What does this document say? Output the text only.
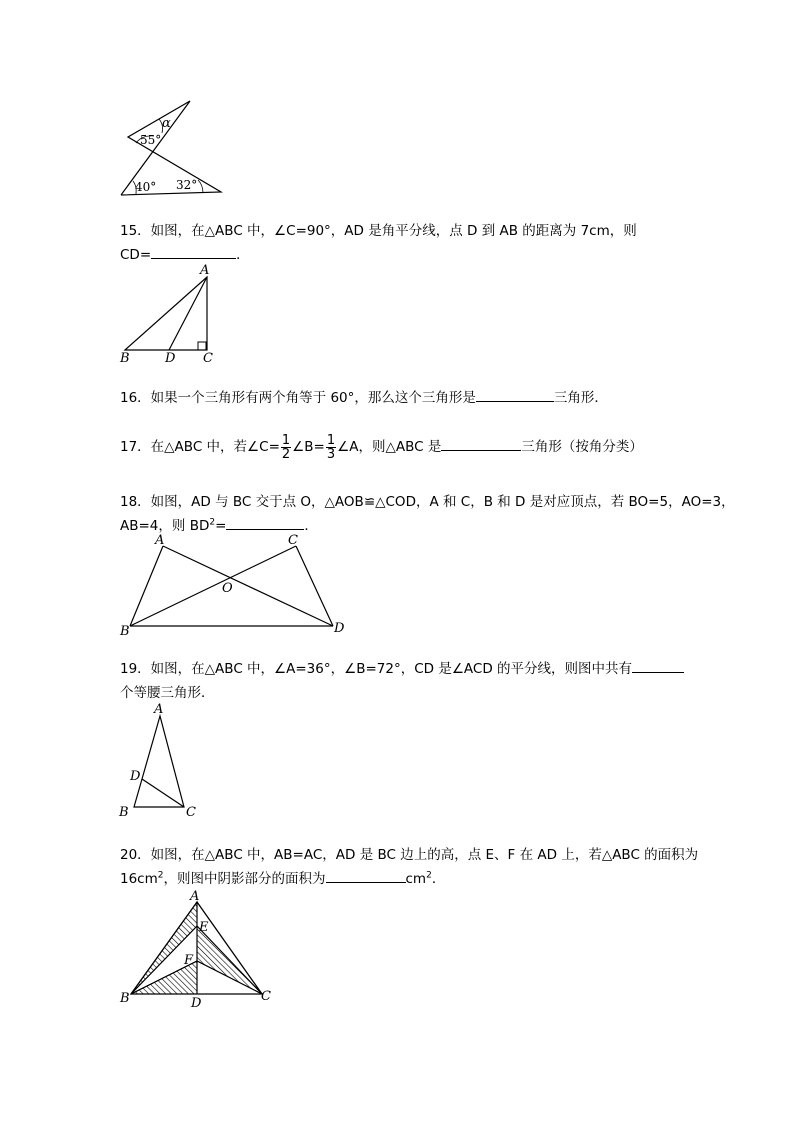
α
55°
40° 32°
15．如图，在△ABC 中，∠C=90°，AD 是角平分线，点 D 到 AB 的距离为 7cm，则
CD=	．
A
B	D C
16．如果一个三角形有两个角等于 60°，那么这个三角形是	三角形．
17．在△ABC 中，若∠C= $\frac{1}{2}$ ∠B= $\frac{1}{3}$ ∠A，则△ABC 是	三角形（按角分类）
18．如图，AD 与 BC 交于点 O，△AOB≌△COD，A 和 C，B 和 D 是对应顶点，若 BO=5，AO=3，
AB=4，则 $BD^2=$	．
A	C
O
B	D
19．如图，在△ABC 中，∠A=36°，∠B=72°，CD 是∠ACD 的平分线，则图中共有
个等腰三角形．
A
D
B	C
20．如图，在△ABC 中，AB=AC，AD 是 BC 边上的高，点 E、F 在 AD 上，若△ABC 的面积为
$16cm^2$，则图中阴影部分的面积为	$cm^2$．
A
E
F
B	D	C
